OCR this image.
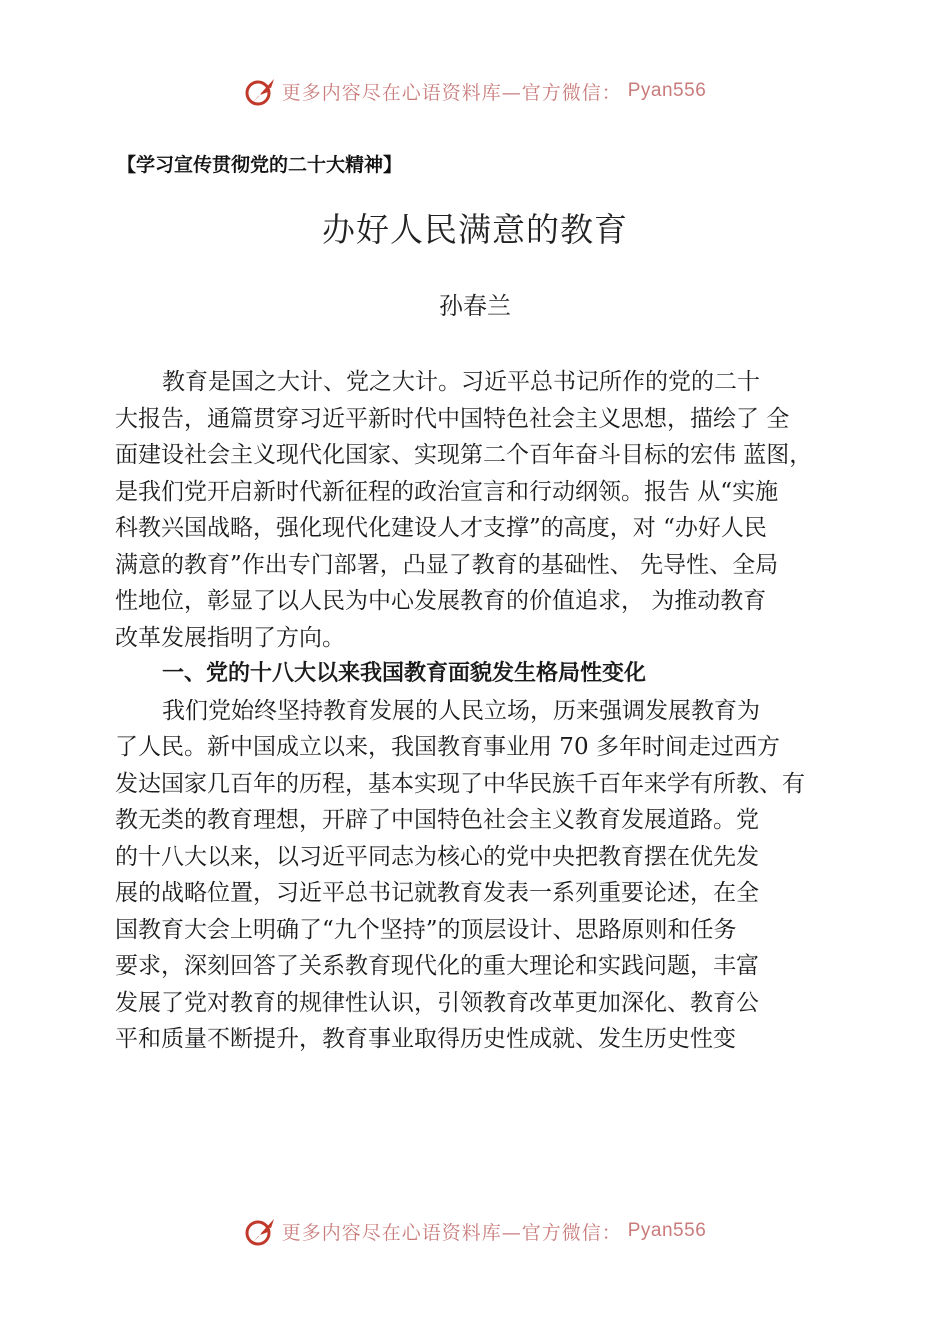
更多内容尽在心语资料库—官方微信： Pyan556
【学习宣传贯彻党的二十大精神】
办好人民满意的教育
孙春兰
教育是国之大计、党之大计。习近平总书记所作的党的二十
大报告，通篇贯穿习近平新时代中国特色社会主义思想，描绘了 全
面建设社会主义现代化国家、实现第二个百年奋斗目标的宏伟 蓝图，
是我们党开启新时代新征程的政治宣言和行动纲领。报告 从“实施
科教兴国战略，强化现代化建设人才支撑”的高度，对 “办好人民
满意的教育”作出专门部署，凸显了教育的基础性、 先导性、全局
性地位，彰显了以人民为中心发展教育的价值追求， 为推动教育
改革发展指明了方向。
一、党的十八大以来我国教育面貌发生格局性变化
我们党始终坚持教育发展的人民立场，历来强调发展教育为
了人民。新中国成立以来，我国教育事业用 70 多年时间走过西方
发达国家几百年的历程，基本实现了中华民族千百年来学有所教、有
教无类的教育理想，开辟了中国特色社会主义教育发展道路。党
的十八大以来，以习近平同志为核心的党中央把教育摆在优先发
展的战略位置，习近平总书记就教育发表一系列重要论述，在全
国教育大会上明确了“九个坚持”的顶层设计、思路原则和任务
要求，深刻回答了关系教育现代化的重大理论和实践问题，丰富
发展了党对教育的规律性认识，引领教育改革更加深化、教育公
平和质量不断提升，教育事业取得历史性成就、发生历史性变
更多内容尽在心语资料库—官方微信： Pyan556
